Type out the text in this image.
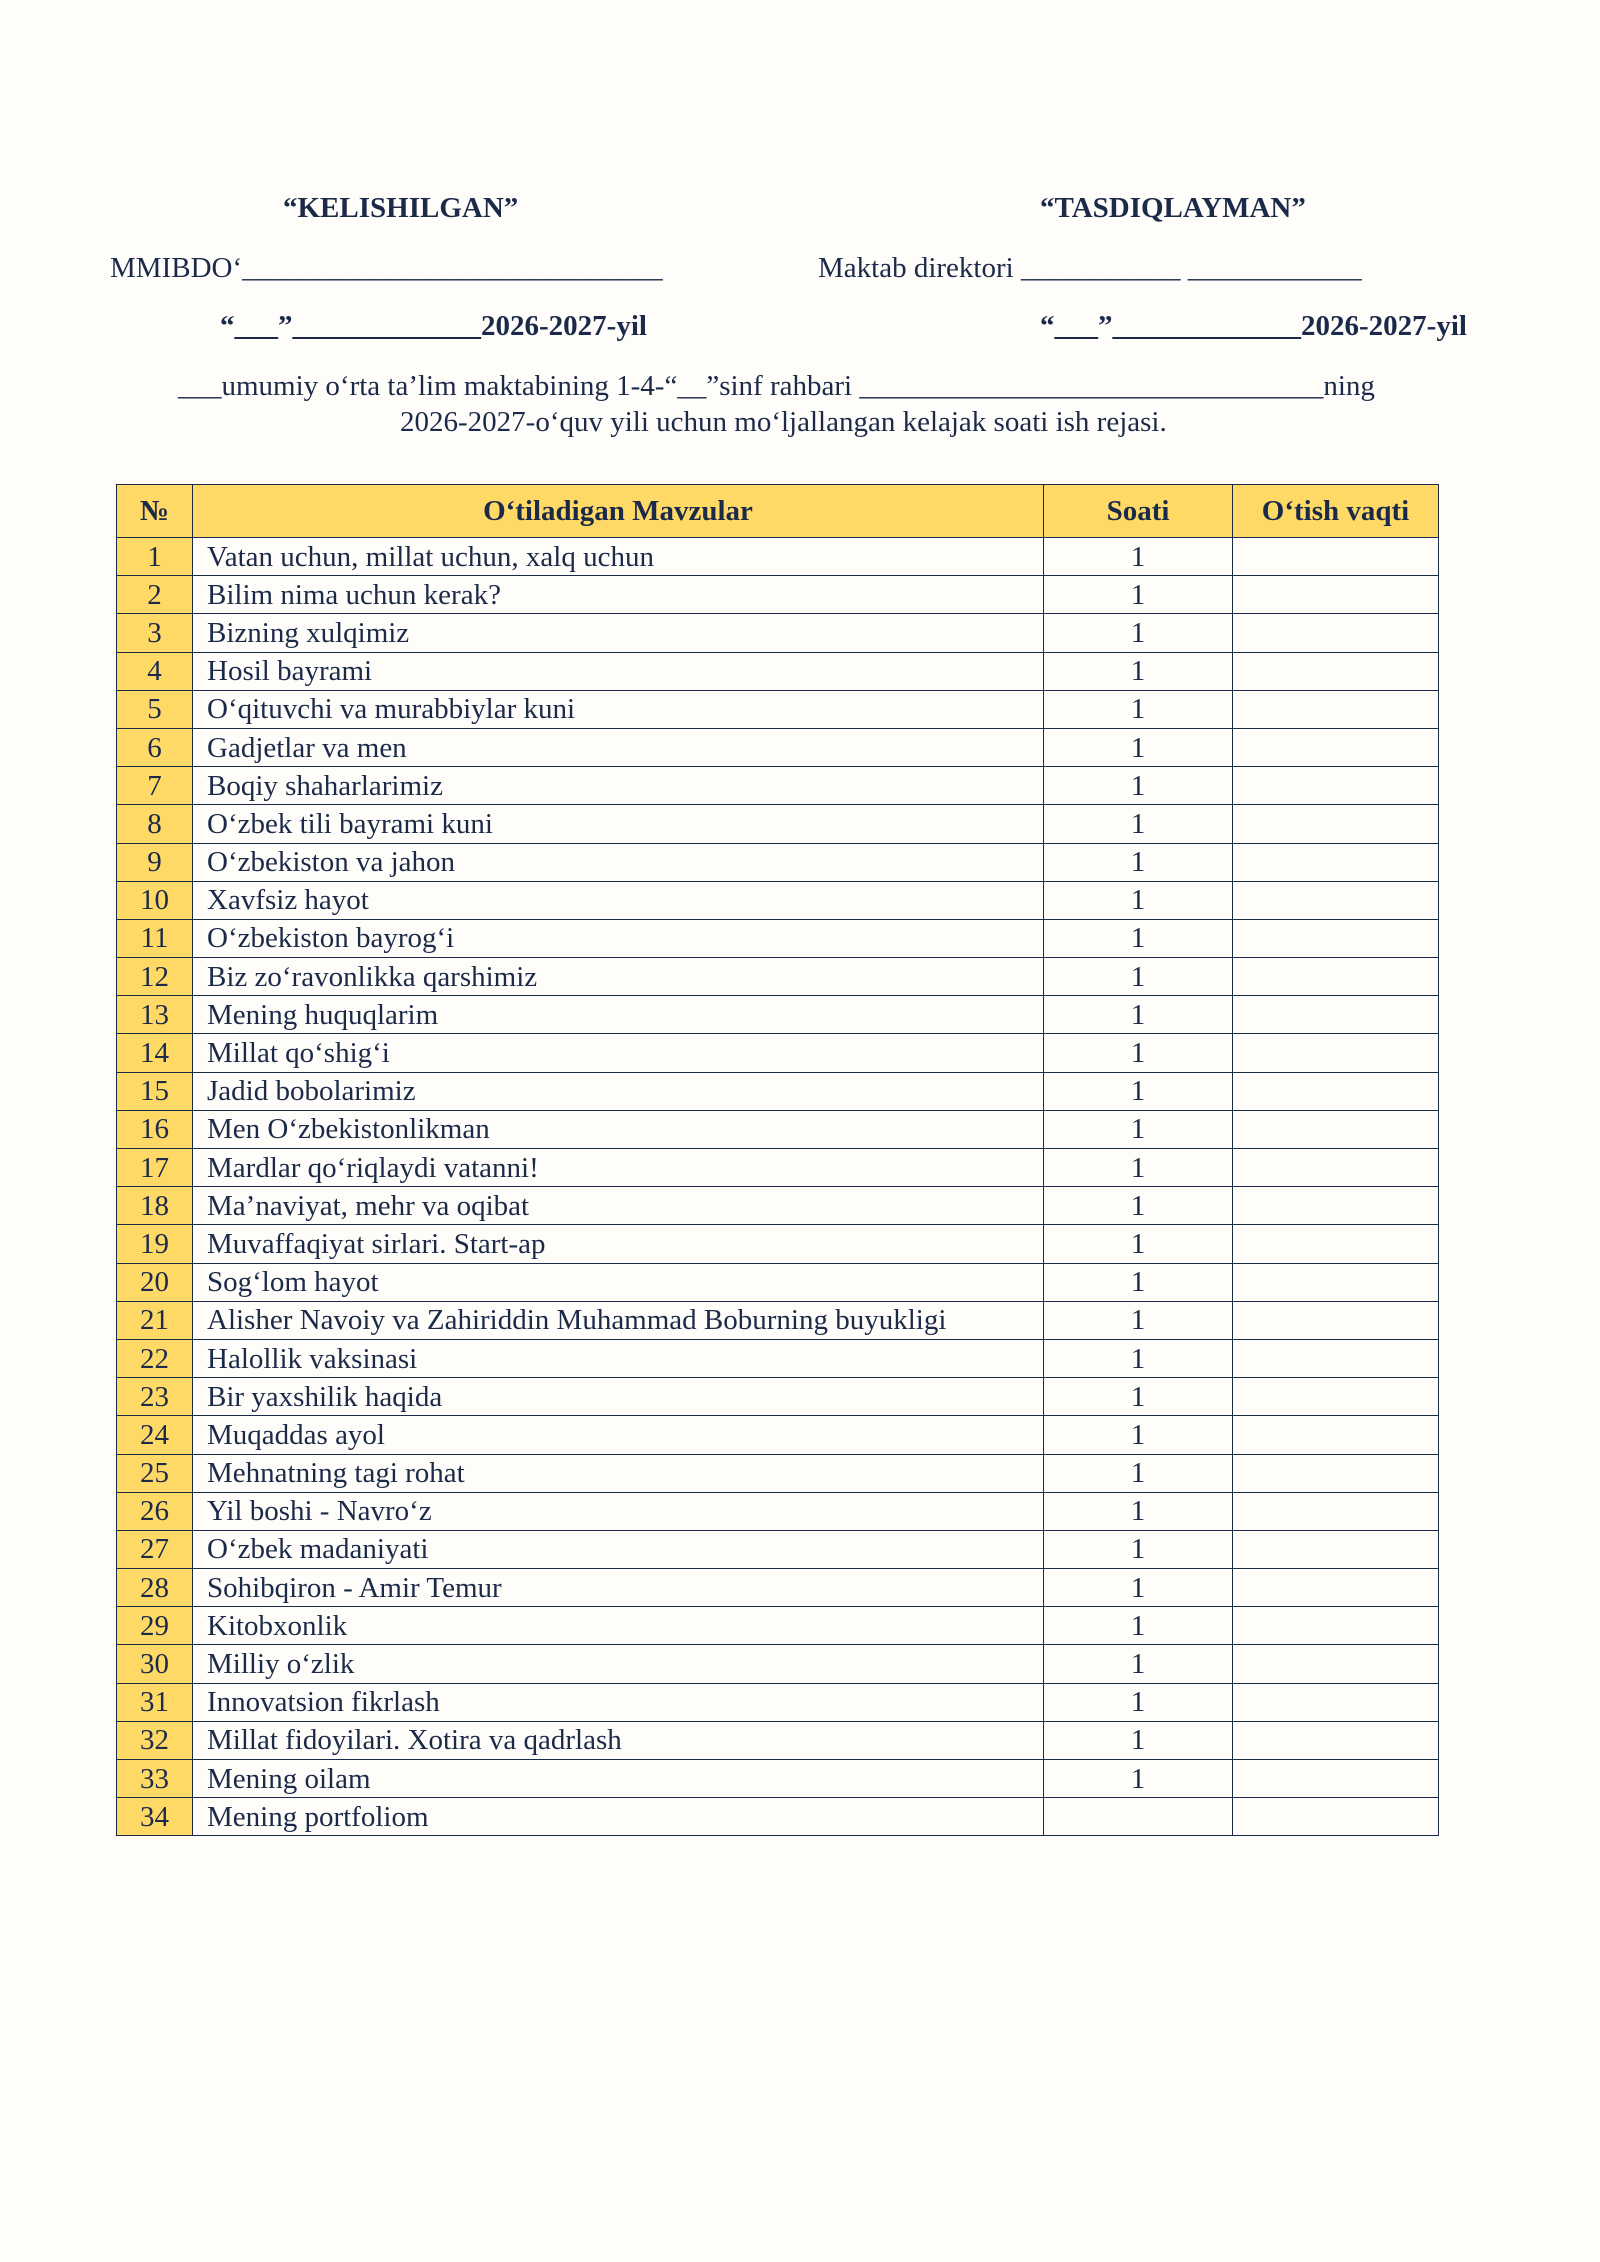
“KELISHILGAN”	“TASDIQLAYMAN”
MMIBDO‘_____________________________	Maktab direktori ___________ ____________
“___”_____________2026-2027-yil	“___”_____________2026-2027-yil
___umumiy o‘rta ta’lim maktabining 1-4-“__”sinf rahbari ________________________________ning
2026-2027-o‘quv yili uchun mo‘ljallangan kelajak soati ish rejasi.
№	O‘tiladigan Mavzular	Soati	O‘tish vaqti
1	Vatan uchun, millat uchun, xalq uchun	1	
2	Bilim nima uchun kerak?	1	
3	Bizning xulqimiz	1	
4	Hosil bayrami	1	
5	O‘qituvchi va murabbiylar kuni	1	
6	Gadjetlar va men	1	
7	Boqiy shaharlarimiz	1	
8	O‘zbek tili bayrami kuni	1	
9	O‘zbekiston va jahon	1	
10	Xavfsiz hayot	1	
11	O‘zbekiston bayrog‘i	1	
12	Biz zo‘ravonlikka qarshimiz	1	
13	Mening huquqlarim	1	
14	Millat qo‘shig‘i	1	
15	Jadid bobolarimiz	1	
16	Men O‘zbekistonlikman	1	
17	Mardlar qo‘riqlaydi vatanni!	1	
18	Ma’naviyat, mehr va oqibat	1	
19	Muvaffaqiyat sirlari. Start-ap	1	
20	Sog‘lom hayot	1	
21	Alisher Navoiy va Zahiriddin Muhammad Boburning buyukligi	1	
22	Halollik vaksinasi	1	
23	Bir yaxshilik haqida	1	
24	Muqaddas ayol	1	
25	Mehnatning tagi rohat	1	
26	Yil boshi - Navro‘z	1	
27	O‘zbek madaniyati	1	
28	Sohibqiron - Amir Temur	1	
29	Kitobxonlik	1	
30	Milliy o‘zlik	1	
31	Innovatsion fikrlash	1	
32	Millat fidoyilari. Xotira va qadrlash	1	
33	Mening oilam	1	
34	Mening portfoliom		
